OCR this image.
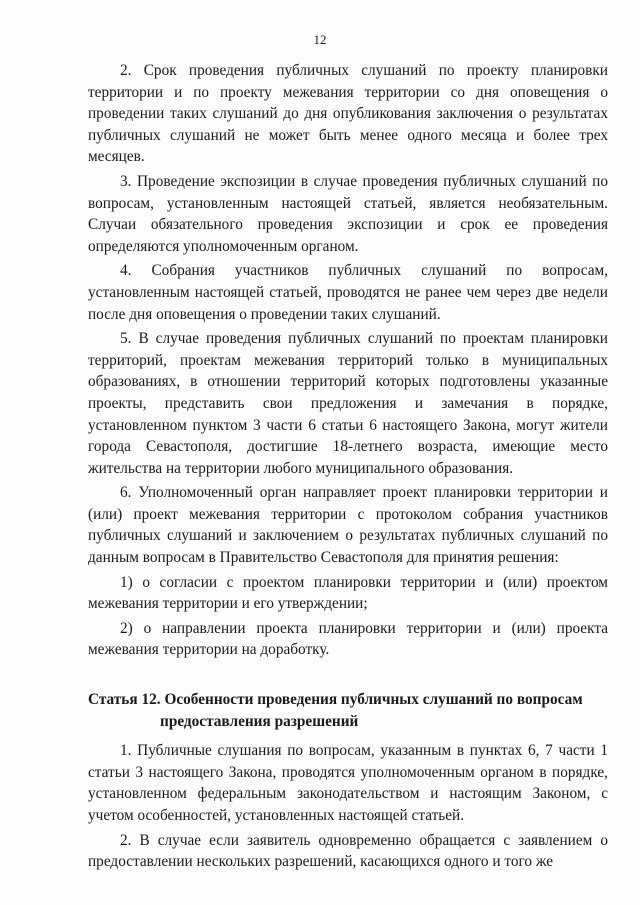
12

2. Срок проведения публичных слушаний по проекту планировки территории и по проекту межевания территории со дня оповещения о проведении таких слушаний до дня опубликования заключения о результатах публичных слушаний не может быть менее одного месяца и более трех месяцев.

3. Проведение экспозиции в случае проведения публичных слушаний по вопросам, установленным настоящей статьей, является необязательным. Случаи обязательного проведения экспозиции и срок ее проведения определяются уполномоченным органом.

4. Собрания участников публичных слушаний по вопросам, установленным настоящей статьей, проводятся не ранее чем через две недели после дня оповещения о проведении таких слушаний.

5. В случае проведения публичных слушаний по проектам планировки территорий, проектам межевания территорий только в муниципальных образованиях, в отношении территорий которых подготовлены указанные проекты, представить свои предложения и замечания в порядке, установленном пунктом 3 части 6 статьи 6 настоящего Закона, могут жители города Севастополя, достигшие 18-летнего возраста, имеющие место жительства на территории любого муниципального образования.

6. Уполномоченный орган направляет проект планировки территории и (или) проект межевания территории с протоколом собрания участников публичных слушаний и заключением о результатах публичных слушаний по данным вопросам в Правительство Севастополя для принятия решения:

1) о согласии с проектом планировки территории и (или) проектом межевания территории и его утверждении;

2) о направлении проекта планировки территории и (или) проекта межевания территории на доработку.

Статья 12. Особенности проведения публичных слушаний по вопросам
предоставления разрешений

1. Публичные слушания по вопросам, указанным в пунктах 6, 7 части 1 статьи 3 настоящего Закона, проводятся уполномоченным органом в порядке, установленном федеральным законодательством и настоящим Законом, с учетом особенностей, установленных настоящей статьей.

2. В случае если заявитель одновременно обращается с заявлением о предоставлении нескольких разрешений, касающихся одного и того же
